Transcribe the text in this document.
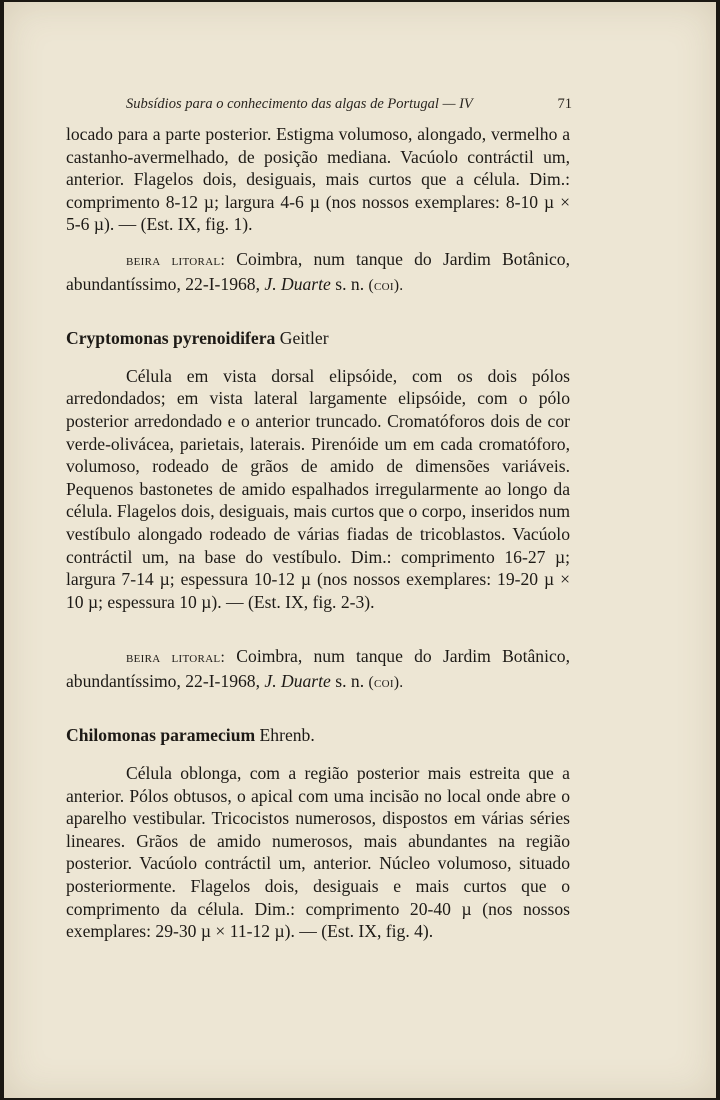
Subsídios para o conhecimento das algas de Portugal — IV	71

locado para a parte posterior. Estigma volumoso, alongado, vermelho a castanho-avermelhado, de posição mediana. Vacúolo contráctil um, anterior. Flagelos dois, desiguais, mais curtos que a célula. Dim.: comprimento 8-12 µ; largura 4-6 µ (nos nossos exemplares: 8-10 µ × 5-6 µ). — (Est. IX, fig. 1).

beira litoral: Coimbra, num tanque do Jardim Botânico, abundantíssimo, 22-I-1968, J. Duarte s. n. (coi).

Cryptomonas pyrenoidifera Geitler

Célula em vista dorsal elipsóide, com os dois pólos arredondados; em vista lateral largamente elipsóide, com o pólo posterior arredondado e o anterior truncado. Cromatóforos dois de cor verde-olivácea, parietais, laterais. Pirenóide um em cada cromatóforo, volumoso, rodeado de grãos de amido de dimensões variáveis. Pequenos bastonetes de amido espalhados irregularmente ao longo da célula. Flagelos dois, desiguais, mais curtos que o corpo, inseridos num vestíbulo alongado rodeado de várias fiadas de tricoblastos. Vacúolo contráctil um, na base do vestíbulo. Dim.: comprimento 16-27 µ; largura 7-14 µ; espessura 10-12 µ (nos nossos exemplares: 19-20 µ × 10 µ; espessura 10 µ). — (Est. IX, fig. 2-3).

beira litoral: Coimbra, num tanque do Jardim Botânico, abundantíssimo, 22-I-1968, J. Duarte s. n. (coi).

Chilomonas paramecium Ehrenb.

Célula oblonga, com a região posterior mais estreita que a anterior. Pólos obtusos, o apical com uma incisão no local onde abre o aparelho vestibular. Tricocistos numerosos, dispostos em várias séries lineares. Grãos de amido numerosos, mais abundantes na região posterior. Vacúolo contráctil um, anterior. Núcleo volumoso, situado posteriormente. Flagelos dois, desiguais e mais curtos que o comprimento da célula. Dim.: comprimento 20-40 µ (nos nossos exemplares: 29-30 µ × 11-12 µ). — (Est. IX, fig. 4).
